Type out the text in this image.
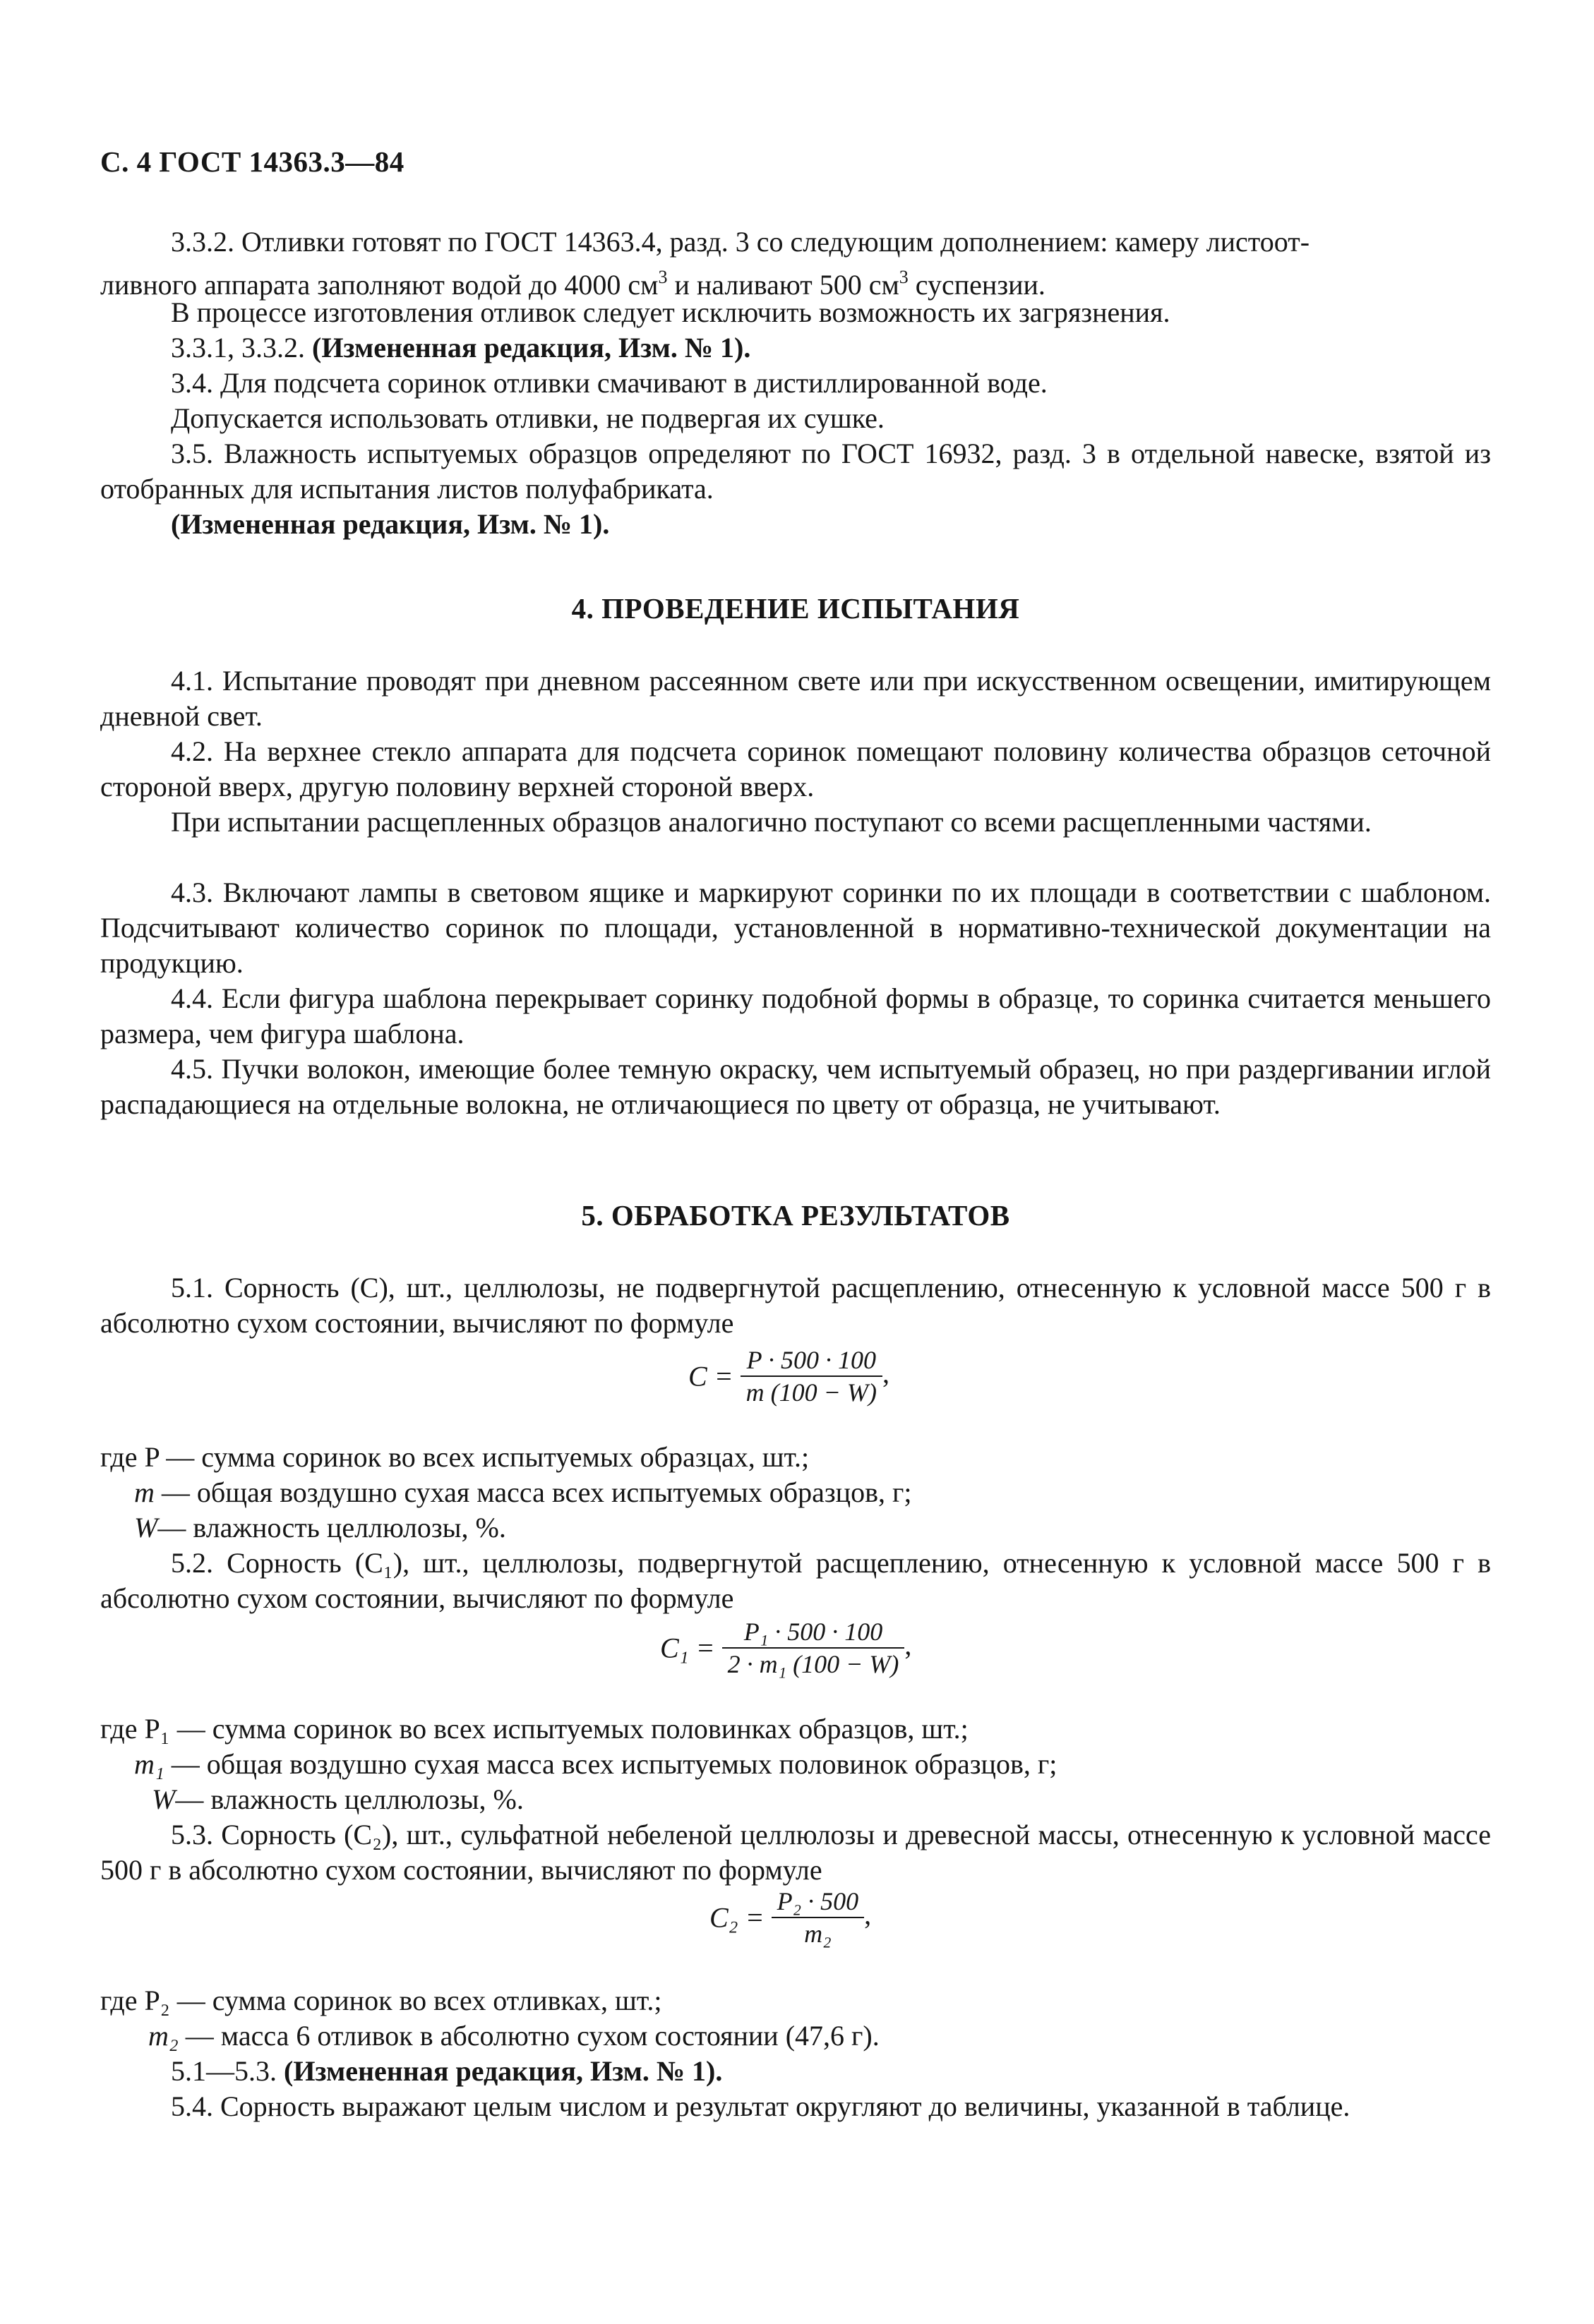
С. 4 ГОСТ 14363.3—84

3.3.2. Отливки готовят по ГОСТ 14363.4, разд. 3 со следующим дополнением: камеру листоот-
ливного аппарата заполняют водой до 4000 $см^3$ и наливают 500 $см^3$ суспензии.

В процессе изготовления отливок следует исключить возможность их загрязнения.

3.3.1, 3.3.2. (Измененная редакция, Изм. № 1).

3.4. Для подсчета соринок отливки смачивают в дистиллированной воде.

Допускается использовать отливки, не подвергая их сушке.

3.5. Влажность испытуемых образцов определяют по ГОСТ 16932, разд. 3 в отдельной навеске, взятой из отобранных для испытания листов полуфабриката.

(Измененная редакция, Изм. № 1).

4. ПРОВЕДЕНИЕ ИСПЫТАНИЯ

4.1. Испытание проводят при дневном рассеянном свете или при искусственном освещении, имитирующем дневной свет.

4.2. На верхнее стекло аппарата для подсчета соринок помещают половину количества образцов сеточной стороной вверх, другую половину верхней стороной вверх.

При испытании расщепленных образцов аналогично поступают со всеми расщепленными частями.

4.3. Включают лампы в световом ящике и маркируют соринки по их площади в соответствии с шаблоном. Подсчитывают количество соринок по площади, установленной в нормативно-технической документации на продукцию.

4.4. Если фигура шаблона перекрывает соринку подобной формы в образце, то соринка считается меньшего размера, чем фигура шаблона.

4.5. Пучки волокон, имеющие более темную окраску, чем испытуемый образец, но при раздергивании иглой распадающиеся на отдельные волокна, не отличающиеся по цвету от образца, не учитывают.

5. ОБРАБОТКА РЕЗУЛЬТАТОВ

5.1. Сорность (С), шт., целлюлозы, не подвергнутой расщеплению, отнесенную к условной массе 500 г в абсолютно сухом состоянии, вычисляют по формуле

$C = \frac{P \cdot 500 \cdot 100}{m (100 - W)}$ ,
где P — сумма соринок во всех испытуемых образцах, шт.;
m — общая воздушно сухая масса всех испытуемых образцов, г;
W— влажность целлюлозы, %.

5.2. Сорность (C₁), шт., целлюлозы, подвергнутой расщеплению, отнесенную к условной массе 500 г в абсолютно сухом состоянии, вычисляют по формуле

$C_1 = \frac{\text{P₁ · 500 · 100}}{\text{2 · m₁ (100 − W)}}$ ,
где P₁ — сумма соринок во всех испытуемых половинках образцов, шт.;
m₁ — общая воздушно сухая масса всех испытуемых половинок образцов, г;
W— влажность целлюлозы, %.

5.3. Сорность (C₂), шт., сульфатной небеленой целлюлозы и древесной массы, отнесенную к условной массе 500 г в абсолютно сухом состоянии, вычисляют по формуле

$C_2 = \frac{\text{P₂ · 500}}{\text{m₂}}$ ,
где P₂ — сумма соринок во всех отливках, шт.;
m₂ — масса 6 отливок в абсолютно сухом состоянии (47,6 г).

5.1—5.3. (Измененная редакция, Изм. № 1).

5.4. Сорность выражают целым числом и результат округляют до величины, указанной в таблице.
